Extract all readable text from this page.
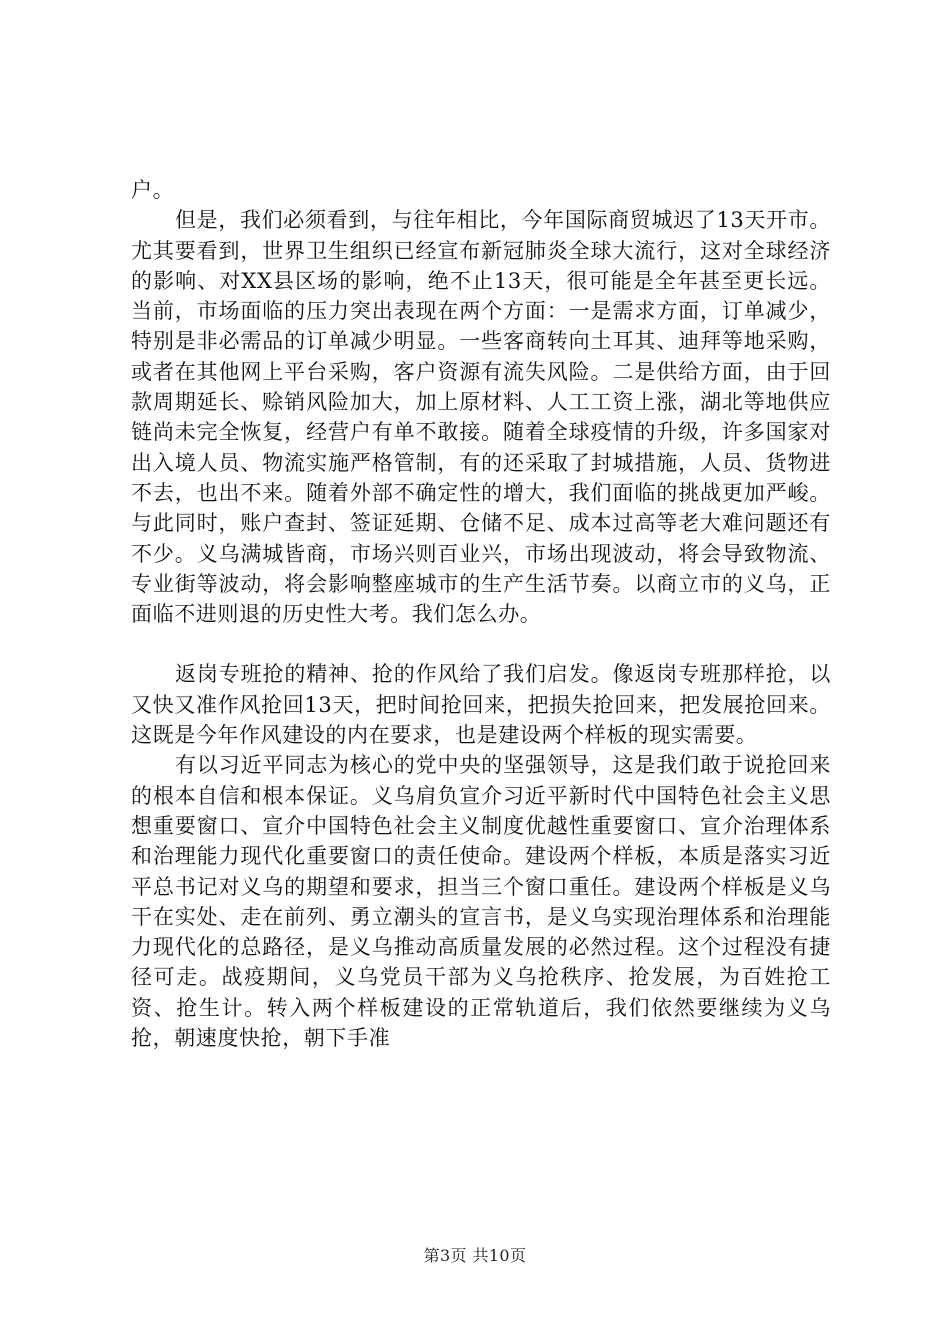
户。

但是，我们必须看到，与往年相比，今年国际商贸城迟了13天开市。尤其要看到，世界卫生组织已经宣布新冠肺炎全球大流行，这对全球经济的影响、对XX县区场的影响，绝不止13天，很可能是全年甚至更长远。当前，市场面临的压力突出表现在两个方面：一是需求方面，订单减少，特别是非必需品的订单减少明显。一些客商转向土耳其、迪拜等地采购，或者在其他网上平台采购，客户资源有流失风险。二是供给方面，由于回款周期延长、赊销风险加大，加上原材料、人工工资上涨，湖北等地供应链尚未完全恢复，经营户有单不敢接。随着全球疫情的升级，许多国家对出入境人员、物流实施严格管制，有的还采取了封城措施，人员、货物进不去，也出不来。随着外部不确定性的增大，我们面临的挑战更加严峻。与此同时，账户查封、签证延期、仓储不足、成本过高等老大难问题还有不少。义乌满城皆商，市场兴则百业兴，市场出现波动，将会导致物流、专业街等波动，将会影响整座城市的生产生活节奏。以商立市的义乌，正面临不进则退的历史性大考。我们怎么办。

返岗专班抢的精神、抢的作风给了我们启发。像返岗专班那样抢，以又快又准作风抢回13天，把时间抢回来，把损失抢回来，把发展抢回来。这既是今年作风建设的内在要求，也是建设两个样板的现实需要。

有以习近平同志为核心的党中央的坚强领导，这是我们敢于说抢回来的根本自信和根本保证。义乌肩负宣介习近平新时代中国特色社会主义思想重要窗口、宣介中国特色社会主义制度优越性重要窗口、宣介治理体系和治理能力现代化重要窗口的责任使命。建设两个样板，本质是落实习近平总书记对义乌的期望和要求，担当三个窗口重任。建设两个样板是义乌干在实处、走在前列、勇立潮头的宣言书，是义乌实现治理体系和治理能力现代化的总路径，是义乌推动高质量发展的必然过程。这个过程没有捷径可走。战疫期间，义乌党员干部为义乌抢秩序、抢发展，为百姓抢工资、抢生计。转入两个样板建设的正常轨道后，我们依然要继续为义乌抢，朝速度快抢，朝下手准

第3页 共10页
